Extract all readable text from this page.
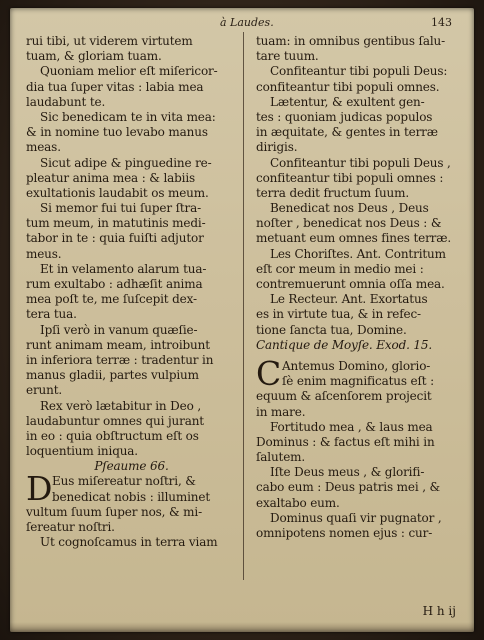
à Laudes.	143
rui tibi, ut viderem virtutem
tuam, & gloriam tuam.
Quoniam melior eſt miſericor-
dia tua ſuper vitas : labia mea
laudabunt te.
Sic benedicam te in vita mea:
& in nomine tuo levabo manus
meas.
Sicut adipe & pinguedine re-
pleatur anima mea : & labiis
exultationis laudabit os meum.
Si memor fui tui ſuper ſtra-
tum meum, in matutinis medi-
tabor in te : quia fuiſti adjutor
meus.
Et in velamento alarum tua-
rum exultabo : adhæſit anima
mea poſt te, me ſuſcepit dex-
tera tua.
Ipſi verò in vanum quæſie-
runt animam meam, introibunt
in inferiora terræ : tradentur in
manus gladii, partes vulpium
erunt.
Rex verò lætabitur in Deo ,
laudabuntur omnes qui jurant
in eo : quia obſtructum eſt os
loquentium iniqua.
Pſeaume 66.
D Eus miſereatur noſtri, &
benedicat nobis : illuminet
vultum ſuum ſuper nos, & mi-
ſereatur noſtri.
Ut cognoſcamus in terra viam
tuam: in omnibus gentibus ſalu-
tare tuum.
Confiteantur tibi populi Deus:
confiteantur tibi populi omnes.
Lætentur, & exultent gen-
tes : quoniam judicas populos
in æquitate, & gentes in terræ
dirigis.
Confiteantur tibi populi Deus ,
confiteantur tibi populi omnes :
terra dedit fructum ſuum.
Benedicat nos Deus , Deus
noſter , benedicat nos Deus : &
metuant eum omnes fines terræ.
Les Choriſtes. Ant. Contritum
eſt cor meum in medio mei :
contremuerunt omnia oſſa mea.
Le Recteur. Ant. Exortatus
es in virtute tua, & in refec-
tione ſancta tua, Domine.
Cantique de Moyſe. Exod. 15.
C Antemus Domino, glorio-
ſè enim magnificatus eſt :
equum & aſcenſorem projecit
in mare.
Fortitudo mea , & laus mea
Dominus : & factus eſt mihi in
ſalutem.
Iſte Deus meus , & glorifi-
cabo eum : Deus patris mei , &
exaltabo eum.
Dominus quaſi vir pugnator ,
omnipotens nomen ejus : cur-
H h ij
